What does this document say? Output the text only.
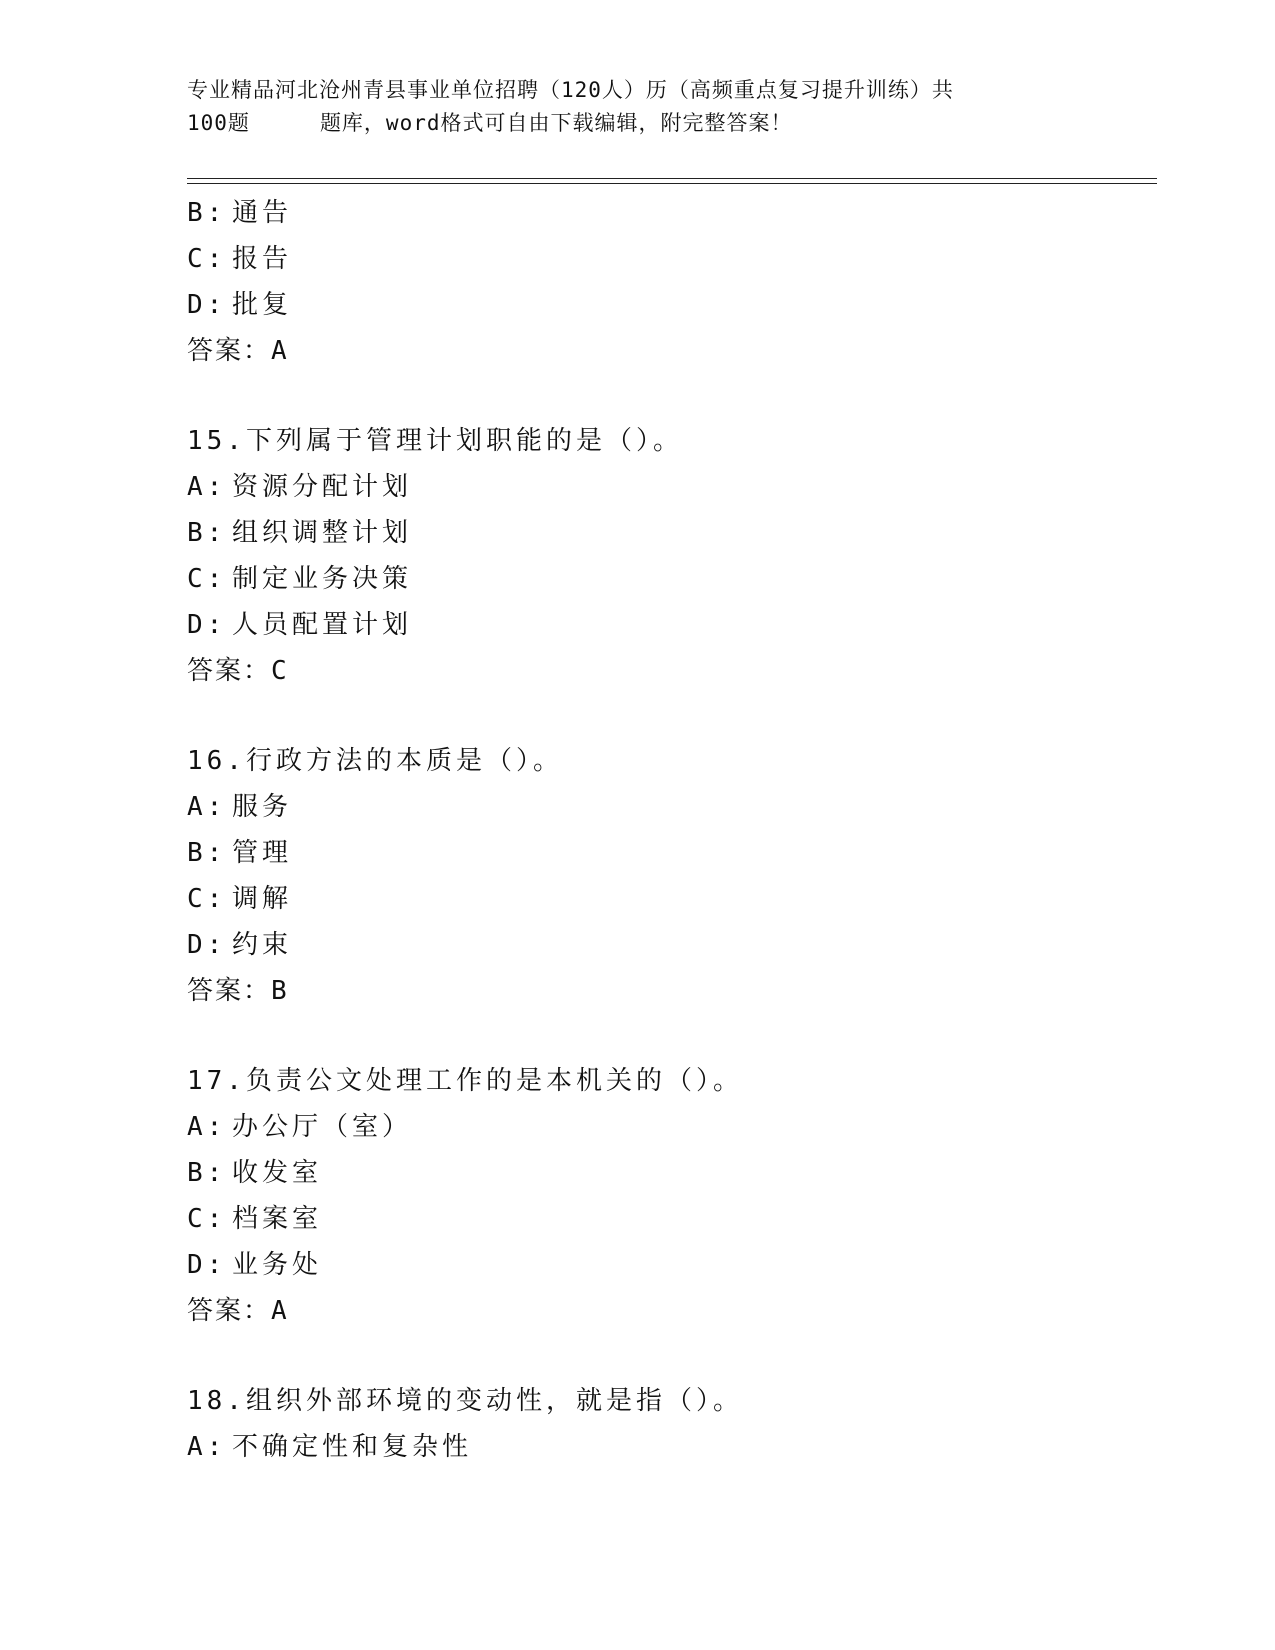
专业精品河北沧州青县事业单位招聘（120人）历（高频重点复习提升训练）共
100题	题库，word格式可自由下载编辑，附完整答案！
B: 通告
C: 报告
D: 批复
答案：A
15.下列属于管理计划职能的是（）。
A: 资源分配计划
B: 组织调整计划
C: 制定业务决策
D: 人员配置计划
答案：C
16.行政方法的本质是（）。
A: 服务
B: 管理
C: 调解
D: 约束
答案：B
17.负责公文处理工作的是本机关的（）。
A: 办公厅（室）
B: 收发室
C: 档案室
D: 业务处
答案：A
18.组织外部环境的变动性，就是指（）。
A: 不确定性和复杂性
